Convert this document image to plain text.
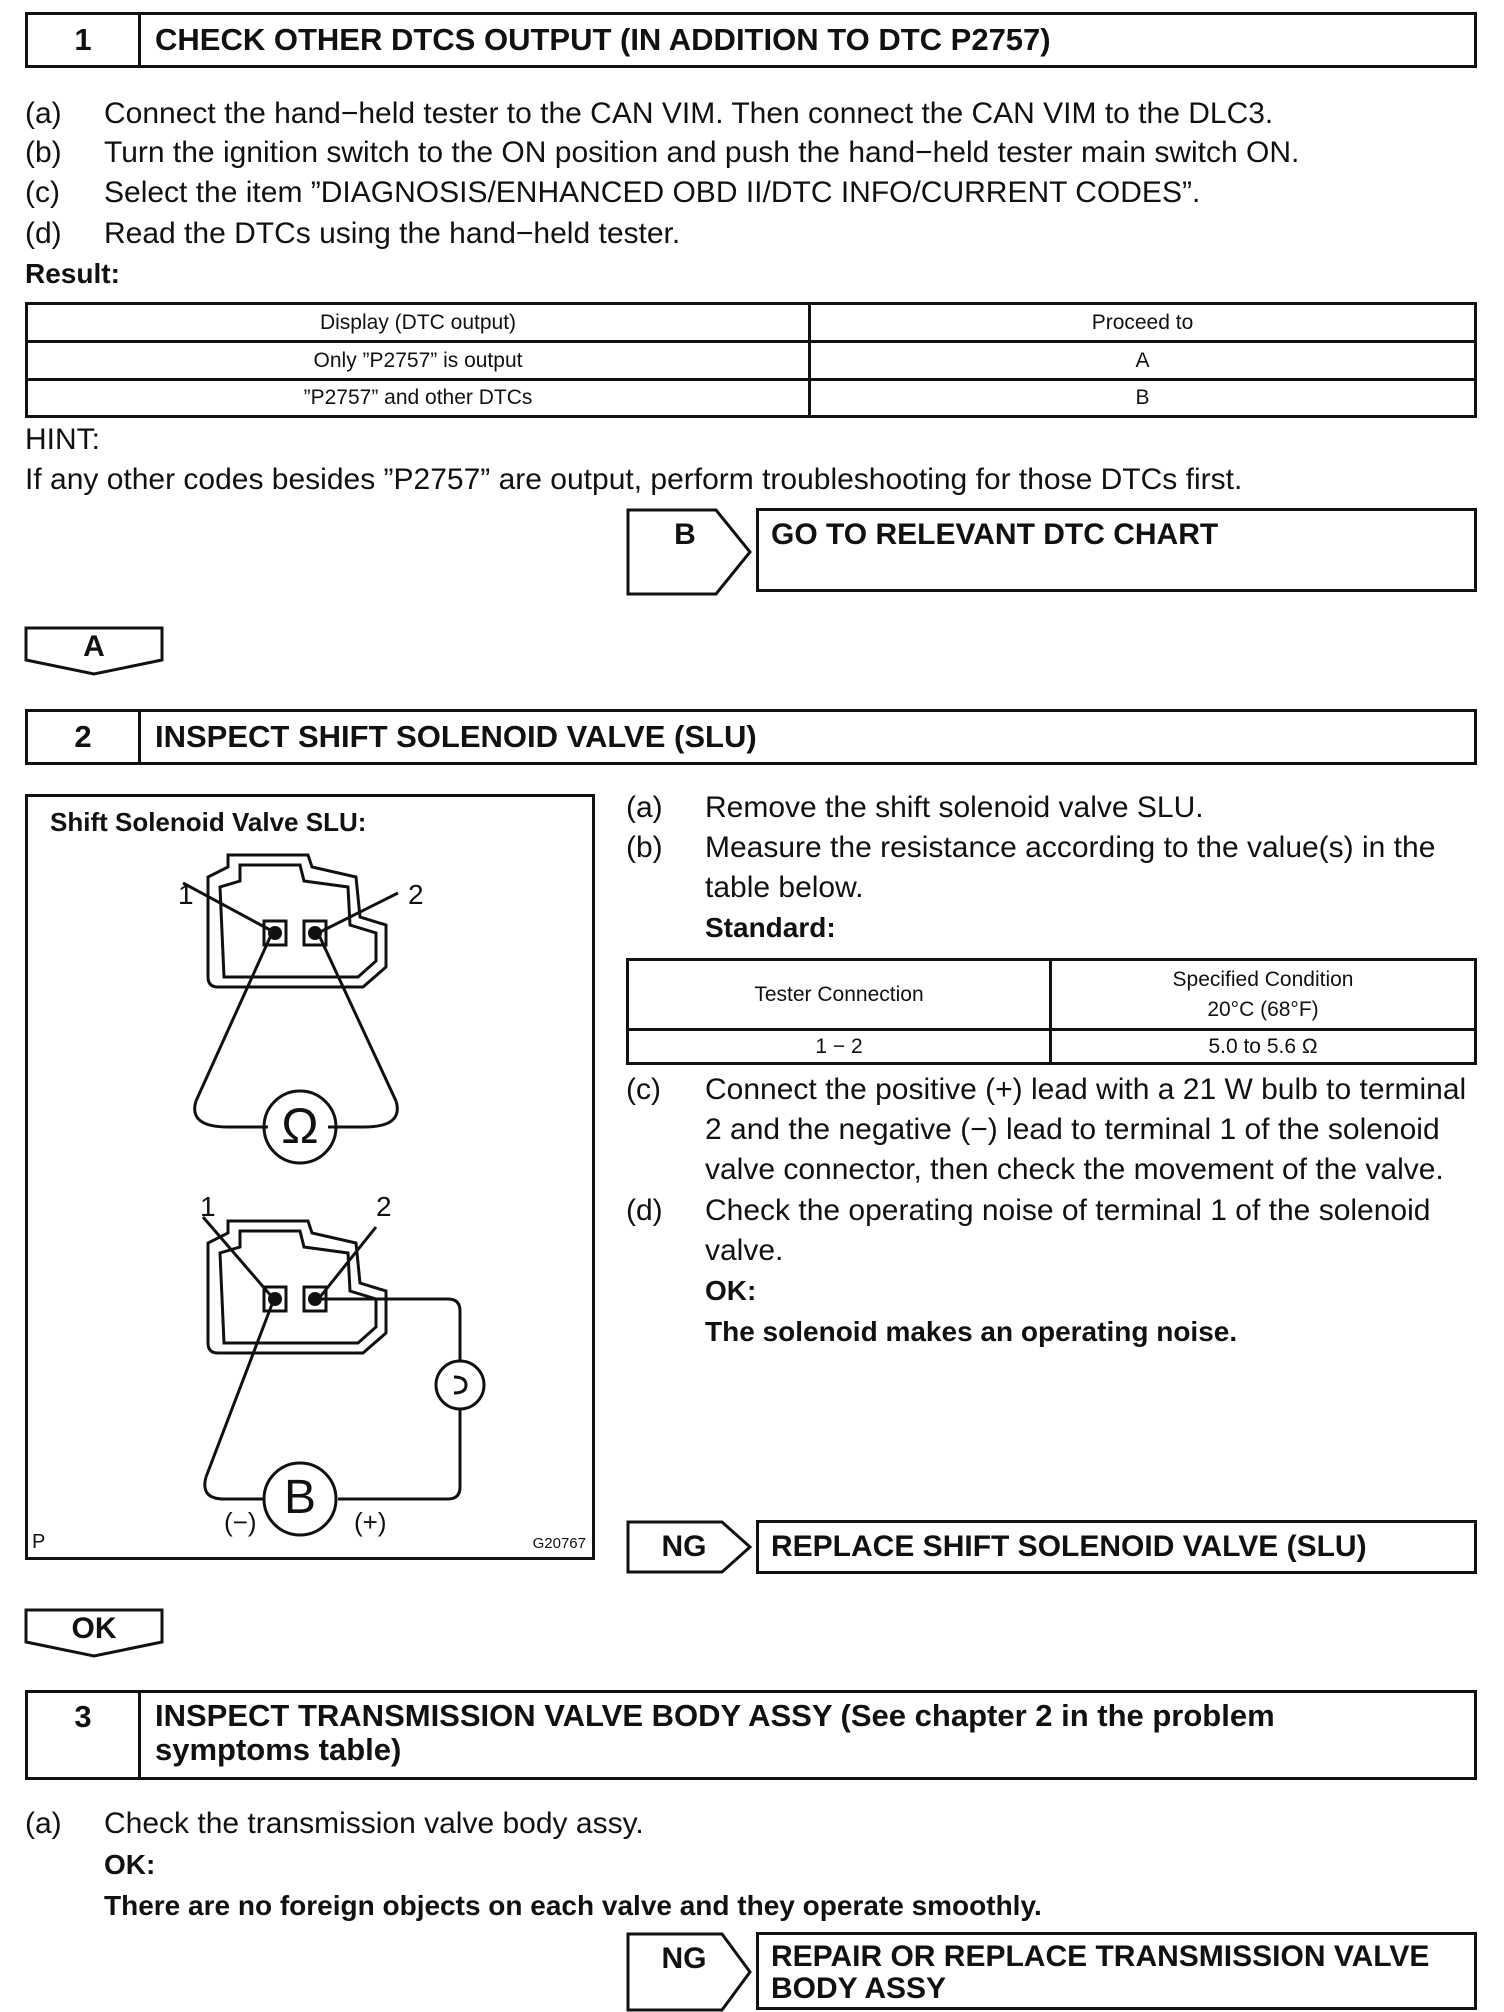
1	CHECK OTHER DTCS OUTPUT (IN ADDITION TO DTC P2757)
(a) Connect the hand−held tester to the CAN VIM. Then connect the CAN VIM to the DLC3.
(b) Turn the ignition switch to the ON position and push the hand−held tester main switch ON.
(c) Select the item ”DIAGNOSIS/ENHANCED OBD II/DTC INFO/CURRENT CODES”.
(d) Read the DTCs using the hand−held tester.
Result:
Display (DTC output)	Proceed to
Only ”P2757” is output	A
”P2757” and other DTCs	B
HINT:
If any other codes besides ”P2757” are output, perform troubleshooting for those DTCs first.
B	GO TO RELEVANT DTC CHART
A
2	INSPECT SHIFT SOLENOID VALVE (SLU)
Shift Solenoid Valve SLU:
1	2
Ω
1	2
B
(−)	(+)
P	G20767
(a) Remove the shift solenoid valve SLU.
(b) Measure the resistance according to the value(s) in the
table below.
Standard:
Tester Connection	Specified Condition
20°C (68°F)

1 − 2	5.0 to 5.6 Ω
(c) Connect the positive (+) lead with a 21 W bulb to terminal
2 and the negative (−) lead to terminal 1 of the solenoid
valve connector, then check the movement of the valve.
(d) Check the operating noise of terminal 1 of the solenoid
valve.
OK:
The solenoid makes an operating noise.
NG	REPLACE SHIFT SOLENOID VALVE (SLU)
OK
3	INSPECT TRANSMISSION VALVE BODY ASSY (See chapter 2 in the problem
symptoms table)
(a) Check the transmission valve body assy.
OK:
There are no foreign objects on each valve and they operate smoothly.
NG	REPAIR OR REPLACE TRANSMISSION VALVE
BODY ASSY
